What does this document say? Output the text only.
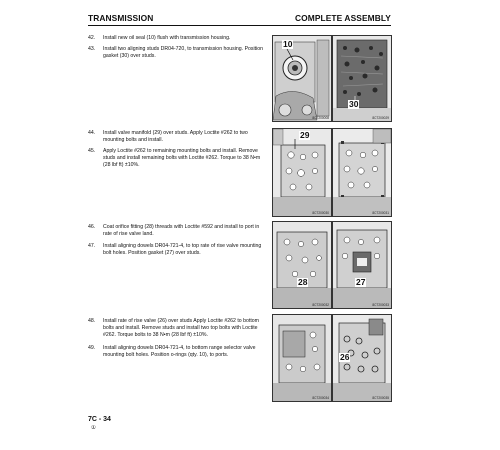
TRANSMISSION	COMPLETE ASSEMBLY
42. Install new oil seal (10) flush with transmission housing.
43. Install two aligning studs DR04-720, to transmission housing. Position gasket (30) over studs.
44. Install valve manifold (29) over studs. Apply Loctite #262 to two mounting bolts and install.
45. Apply Loctite #262 to remaining mounting bolts and install. Remove studs and install remaining bolts with Loctite #262. Torque to 38 N•m (28 lbf ft) ±10%.
46. Coat orifice fitting (28) threads with Loctite #592 and install to port in rate of rise valve land.
47. Install aligning dowels DR04-721-4, to top rate of rise valve mounting bolt holes. Position gasket (27) over studs.
48. Install rate of rise valve (26) over studs Apply Loctite #262 to bottom bolts and install. Remove studs and install two top bolts with Loctite #262. Torque bolts to 38 N•m (28 lbf ft) ±10%.
49. Install aligning dowels DR04-721-4, to bottom range selector valve mounting bolt holes. Position o-rings (qty. 10), to ports.
10
8CT200008
30
8CT200029
29
8CT200030	8CT200031
28
8CT200032
27
8CT200033
8CT200034
26
8CT200035
7C - 34
①
